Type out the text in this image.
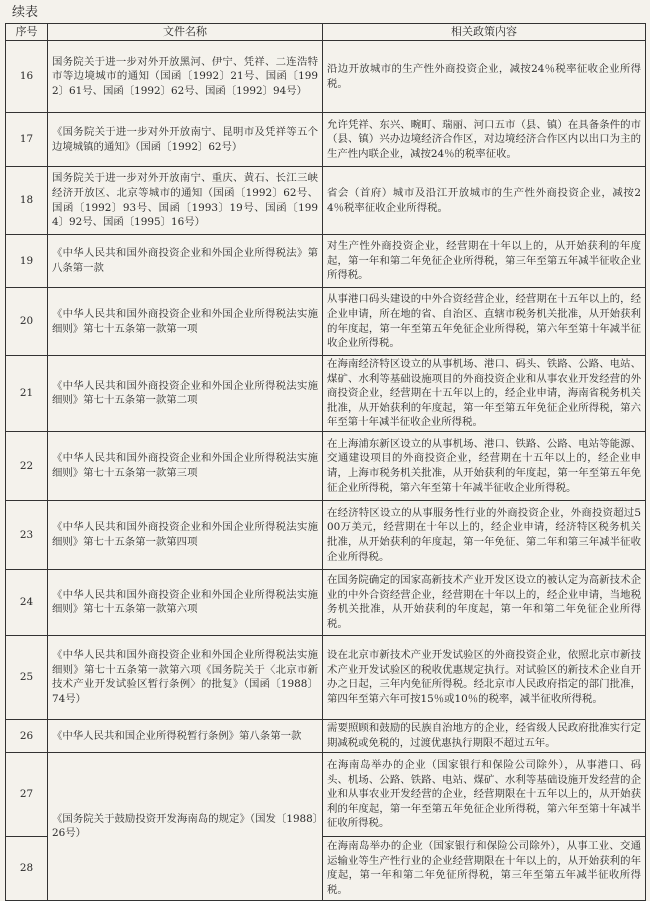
续表
序号	文件名称	相关政策内容
16	国务院关于进一步对外开放黑河、伊宁、凭祥、二连浩特市等边境城市的通知（国函〔1992〕21号、国函〔1992〕61号、国函〔1992〕62号、国函〔1992〕94号）	沿边开放城市的生产性外商投资企业，减按24％税率征收企业所得税。
17	《国务院关于进一步对外开放南宁、昆明市及凭祥等五个边境城镇的通知》（国函〔1992〕62号）	允许凭祥、东兴、畹町、瑞丽、河口五市（县、镇）在具备条件的市（县、镇）兴办边境经济合作区，对边境经济合作区内以出口为主的生产性内联企业，减按24％的税率征收。
18	国务院关于进一步对外开放南宁、重庆、黄石、长江三峡经济开放区、北京等城市的通知（国函〔1992〕62号、国函〔1992〕93号、国函〔1993〕19号、国函〔1994〕92号、国函〔1995〕16号）	省会（首府）城市及沿江开放城市的生产性外商投资企业，减按24％税率征收企业所得税。
19	《中华人民共和国外商投资企业和外国企业所得税法》第八条第一款	对生产性外商投资企业，经营期在十年以上的，从开始获利的年度起，第一年和第二年免征企业所得税，第三年至第五年减半征收企业所得税。
20	《中华人民共和国外商投资企业和外国企业所得税法实施细则》第七十五条第一款第一项	从事港口码头建设的中外合资经营企业，经营期在十五年以上的，经企业申请，所在地的省、自治区、直辖市税务机关批准，从开始获利的年度起，第一年至第五年免征企业所得税，第六年至第十年减半征收企业所得税。
21	《中华人民共和国外商投资企业和外国企业所得税法实施细则》第七十五条第一款第二项	在海南经济特区设立的从事机场、港口、码头、铁路、公路、电站、煤矿、水利等基础设施项目的外商投资企业和从事农业开发经营的外商投资企业，经营期在十五年以上的，经企业申请，海南省税务机关批准，从开始获利的年度起，第一年至第五年免征企业所得税，第六年至第十年减半征收企业所得税。
22	《中华人民共和国外商投资企业和外国企业所得税法实施细则》第七十五条第一款第三项	在上海浦东新区设立的从事机场、港口、铁路、公路、电站等能源、交通建设项目的外商投资企业，经营期在十五年以上的，经企业申请，上海市税务机关批准，从开始获利的年度起，第一年至第五年免征企业所得税，第六年至第十年减半征收企业所得税。
23	《中华人民共和国外商投资企业和外国企业所得税法实施细则》第七十五条第一款第四项	在经济特区设立的从事服务性行业的外商投资企业，外商投资超过500万美元，经营期在十年以上的，经企业申请，经济特区税务机关批准，从开始获利的年度起，第一年免征、第二年和第三年减半征收企业所得税。
24	《中华人民共和国外商投资企业和外国企业所得税法实施细则》第七十五条第一款第六项	在国务院确定的国家高新技术产业开发区设立的被认定为高新技术企业的中外合资经营企业，经营期在十年以上的，经企业申请，当地税务机关批准，从开始获利的年度起，第一年和第二年免征企业所得税。
25	《中华人民共和国外商投资企业和外国企业所得税法实施细则》第七十五条第一款第六项《国务院关于〈北京市新技术产业开发试验区暂行条例〉的批复》（国函〔1988〕74号）	设在北京市新技术产业开发试验区的外商投资企业，依照北京市新技术产业开发试验区的税收优惠规定执行。对试验区的新技术企业自开办之日起，三年内免征所得税。经北京市人民政府指定的部门批准，第四年至第六年可按15％或10％的税率，减半征收所得税。
26	《中华人民共和国企业所得税暂行条例》第八条第一款	需要照顾和鼓励的民族自治地方的企业，经省级人民政府批准实行定期减税或免税的，过渡优惠执行期限不超过五年。
27	《国务院关于鼓励投资开发海南岛的规定》（国发〔1988〕26号）	在海南岛举办的企业（国家银行和保险公司除外），从事港口、码头、机场、公路、铁路、电站、煤矿、水利等基础设施开发经营的企业和从事农业开发经营的企业，经营期限在十五年以上的，从开始获利的年度起，第一年至第五年免征企业所得税，第六年至第十年减半征收所得税。
28		在海南岛举办的企业（国家银行和保险公司除外），从事工业、交通运输业等生产性行业的企业经营期限在十年以上的，从开始获利的年度起，第一年和第二年免征所得税，第三年至第五年减半征收所得税。
